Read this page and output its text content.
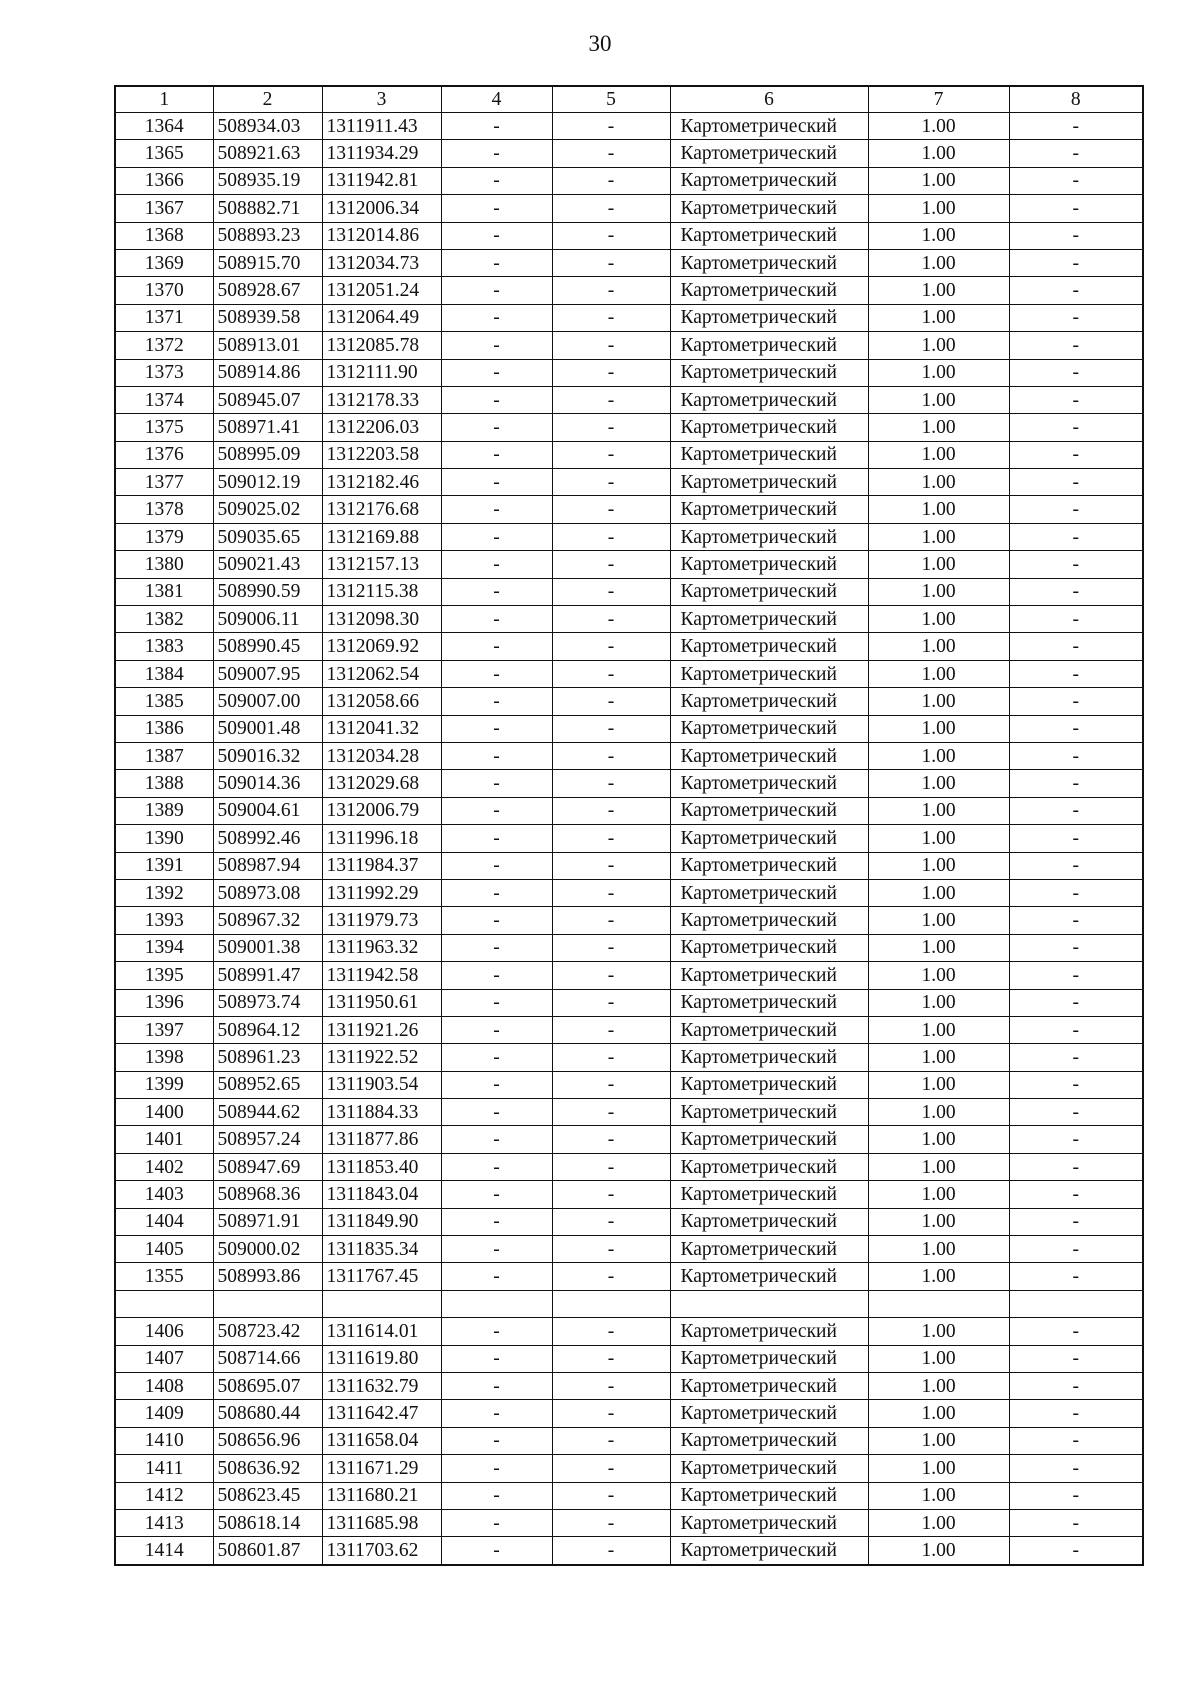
30
1	2	3	4	5	6	7	8
1364	508934.03	1311911.43	-	-	Картометрический	1.00	-
1365	508921.63	1311934.29	-	-	Картометрический	1.00	-
1366	508935.19	1311942.81	-	-	Картометрический	1.00	-
1367	508882.71	1312006.34	-	-	Картометрический	1.00	-
1368	508893.23	1312014.86	-	-	Картометрический	1.00	-
1369	508915.70	1312034.73	-	-	Картометрический	1.00	-
1370	508928.67	1312051.24	-	-	Картометрический	1.00	-
1371	508939.58	1312064.49	-	-	Картометрический	1.00	-
1372	508913.01	1312085.78	-	-	Картометрический	1.00	-
1373	508914.86	1312111.90	-	-	Картометрический	1.00	-
1374	508945.07	1312178.33	-	-	Картометрический	1.00	-
1375	508971.41	1312206.03	-	-	Картометрический	1.00	-
1376	508995.09	1312203.58	-	-	Картометрический	1.00	-
1377	509012.19	1312182.46	-	-	Картометрический	1.00	-
1378	509025.02	1312176.68	-	-	Картометрический	1.00	-
1379	509035.65	1312169.88	-	-	Картометрический	1.00	-
1380	509021.43	1312157.13	-	-	Картометрический	1.00	-
1381	508990.59	1312115.38	-	-	Картометрический	1.00	-
1382	509006.11	1312098.30	-	-	Картометрический	1.00	-
1383	508990.45	1312069.92	-	-	Картометрический	1.00	-
1384	509007.95	1312062.54	-	-	Картометрический	1.00	-
1385	509007.00	1312058.66	-	-	Картометрический	1.00	-
1386	509001.48	1312041.32	-	-	Картометрический	1.00	-
1387	509016.32	1312034.28	-	-	Картометрический	1.00	-
1388	509014.36	1312029.68	-	-	Картометрический	1.00	-
1389	509004.61	1312006.79	-	-	Картометрический	1.00	-
1390	508992.46	1311996.18	-	-	Картометрический	1.00	-
1391	508987.94	1311984.37	-	-	Картометрический	1.00	-
1392	508973.08	1311992.29	-	-	Картометрический	1.00	-
1393	508967.32	1311979.73	-	-	Картометрический	1.00	-
1394	509001.38	1311963.32	-	-	Картометрический	1.00	-
1395	508991.47	1311942.58	-	-	Картометрический	1.00	-
1396	508973.74	1311950.61	-	-	Картометрический	1.00	-
1397	508964.12	1311921.26	-	-	Картометрический	1.00	-
1398	508961.23	1311922.52	-	-	Картометрический	1.00	-
1399	508952.65	1311903.54	-	-	Картометрический	1.00	-
1400	508944.62	1311884.33	-	-	Картометрический	1.00	-
1401	508957.24	1311877.86	-	-	Картометрический	1.00	-
1402	508947.69	1311853.40	-	-	Картометрический	1.00	-
1403	508968.36	1311843.04	-	-	Картометрический	1.00	-
1404	508971.91	1311849.90	-	-	Картометрический	1.00	-
1405	509000.02	1311835.34	-	-	Картометрический	1.00	-
1355	508993.86	1311767.45	-	-	Картометрический	1.00	-

1406	508723.42	1311614.01	-	-	Картометрический	1.00	-
1407	508714.66	1311619.80	-	-	Картометрический	1.00	-
1408	508695.07	1311632.79	-	-	Картометрический	1.00	-
1409	508680.44	1311642.47	-	-	Картометрический	1.00	-
1410	508656.96	1311658.04	-	-	Картометрический	1.00	-
1411	508636.92	1311671.29	-	-	Картометрический	1.00	-
1412	508623.45	1311680.21	-	-	Картометрический	1.00	-
1413	508618.14	1311685.98	-	-	Картометрический	1.00	-
1414	508601.87	1311703.62	-	-	Картометрический	1.00	-
